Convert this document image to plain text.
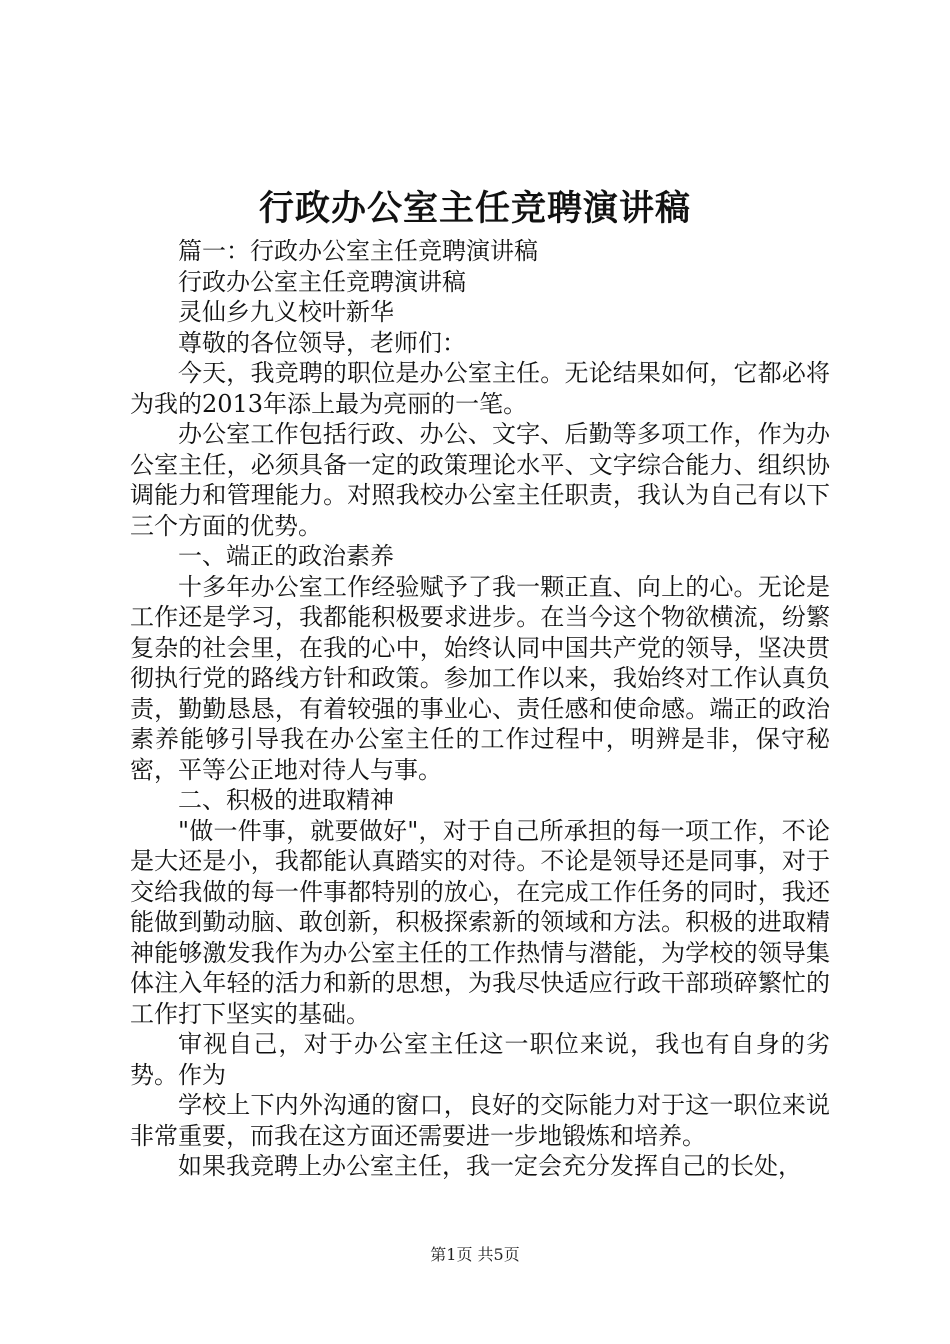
行政办公室主任竞聘演讲稿

篇一：行政办公室主任竞聘演讲稿

行政办公室主任竞聘演讲稿

灵仙乡九义校叶新华

尊敬的各位领导，老师们：

今天，我竞聘的职位是办公室主任。无论结果如何，它都必将为我的2013年添上最为亮丽的一笔。

办公室工作包括行政、办公、文字、后勤等多项工作，作为办公室主任，必须具备一定的政策理论水平、文字综合能力、组织协调能力和管理能力。对照我校办公室主任职责，我认为自己有以下三个方面的优势。

一、端正的政治素养

十多年办公室工作经验赋予了我一颗正直、向上的心。无论是工作还是学习，我都能积极要求进步。在当今这个物欲横流，纷繁复杂的社会里，在我的心中，始终认同中国共产党的领导，坚决贯彻执行党的路线方针和政策。参加工作以来，我始终对工作认真负责，勤勤恳恳，有着较强的事业心、责任感和使命感。端正的政治素养能够引导我在办公室主任的工作过程中，明辨是非，保守秘密，平等公正地对待人与事。

二、积极的进取精神

"做一件事，就要做好"，对于自己所承担的每一项工作，不论是大还是小，我都能认真踏实的对待。不论是领导还是同事，对于交给我做的每一件事都特别的放心，在完成工作任务的同时，我还能做到勤动脑、敢创新，积极探索新的领域和方法。积极的进取精神能够激发我作为办公室主任的工作热情与潜能，为学校的领导集体注入年轻的活力和新的思想，为我尽快适应行政干部琐碎繁忙的工作打下坚实的基础。

审视自己，对于办公室主任这一职位来说，我也有自身的劣势。作为

学校上下内外沟通的窗口，良好的交际能力对于这一职位来说非常重要，而我在这方面还需要进一步地锻炼和培养。

如果我竞聘上办公室主任，我一定会充分发挥自己的长处，

第1页 共5页
